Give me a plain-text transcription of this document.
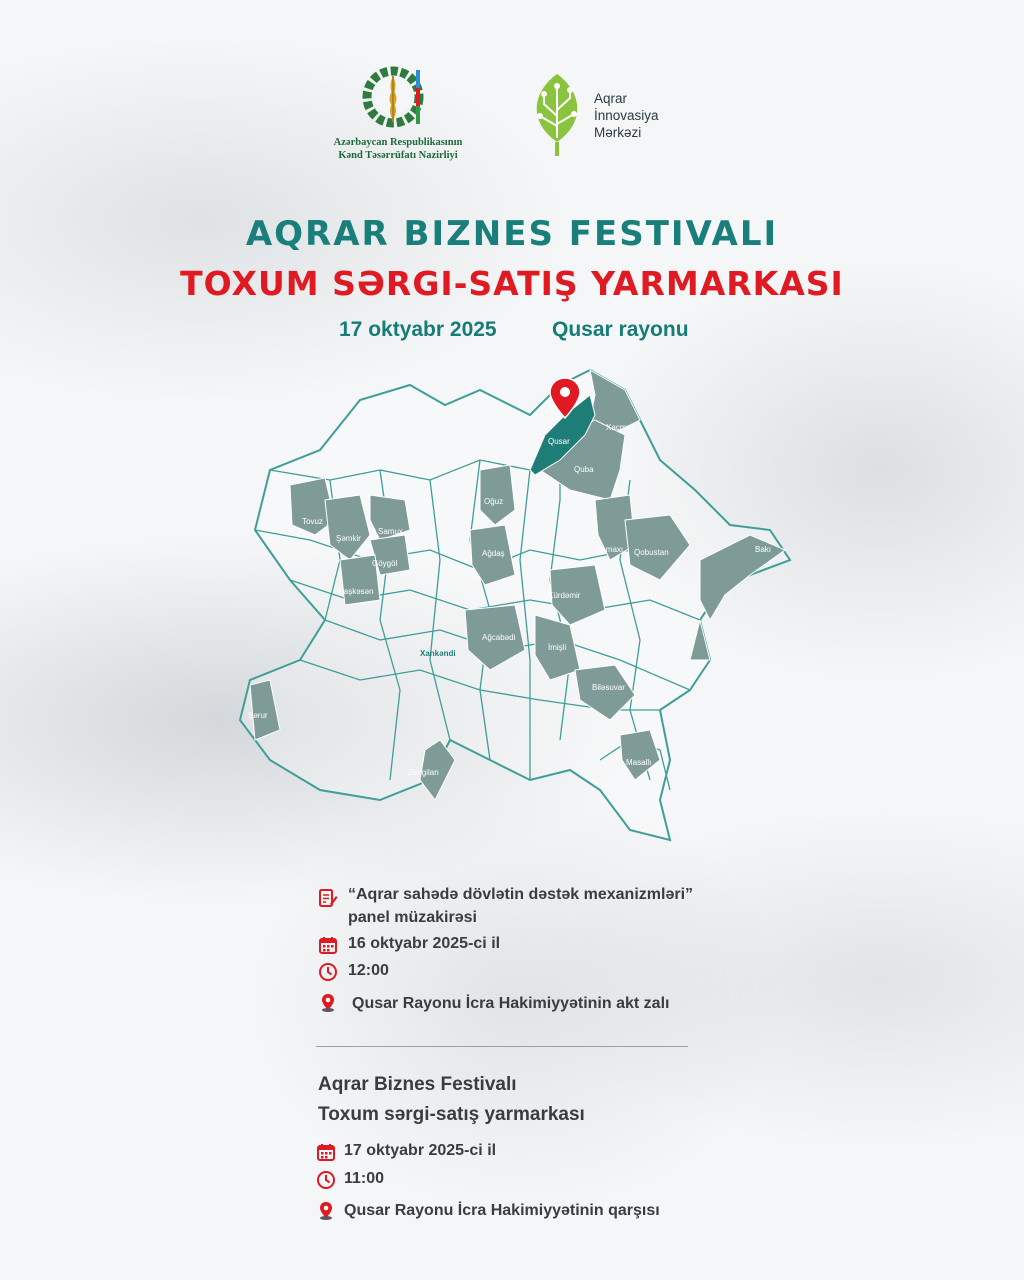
Azərbaycan Respublikasının
Kənd Təsərrüfatı Nazirliyi
Aqrar
İnnovasiya
Mərkəzi
AQRAR BIZNES FESTIVALI
TOXUM SƏRGI-SATIŞ YARMARKASI
17 oktyabr 2025	Qusar rayonu
Qusar
Xaçmaz
Quba
Oğuz
Tovuz
Şəmkir
Samux
Göygöl
Daşkəsən
Ağdaş	Şamaxı Qobustan	Bakı
Kürdəmir
Ağcabədi
İmişli
Xankəndi
Biləsuvar
Şərur
Zəngilan
Masallı
“Aqrar sahədə dövlətin dəstək mexanizmləri”
panel müzakirəsi
16 oktyabr 2025-ci il
12:00
Qusar Rayonu İcra Hakimiyyətinin akt zalı
Aqrar Biznes Festivalı
Toxum sərgi-satış yarmarkası
17 oktyabr 2025-ci il
11:00
Qusar Rayonu İcra Hakimiyyətinin qarşısı
